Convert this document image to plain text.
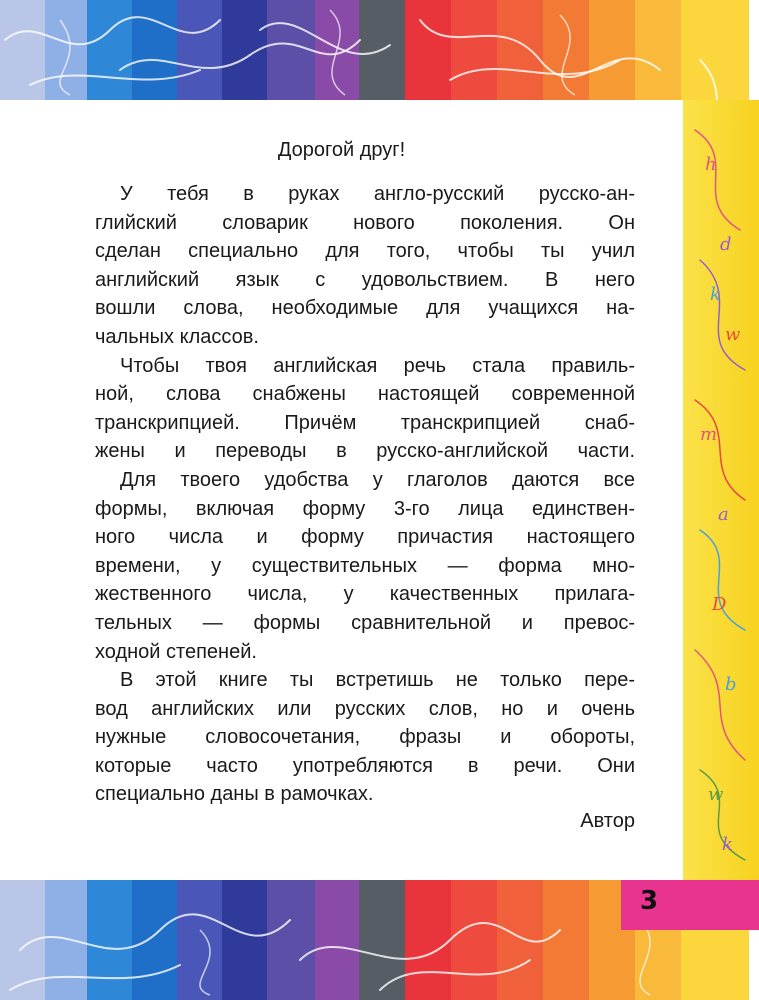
h
d
k
w
m
a
D
b
w
k
Дорогой друг!
У тебя в руках англо-русский русско-ан-
глийский словарик нового поколения. Он
сделан специально для того, чтобы ты учил
английский язык с удовольствием. В него
вошли слова, необходимые для учащихся на-
чальных классов.
Чтобы твоя английская речь стала правиль-
ной, слова снабжены настоящей современной
транскрипцией. Причём транскрипцией снаб-
жены и переводы в русско-английской части.
Для твоего удобства у глаголов даются все
формы, включая форму 3-го лица единствен-
ного числа и форму причастия настоящего
времени, у существительных — форма мно-
жественного числа, у качественных прилага-
тельных — формы сравнительной и превос-
ходной степеней.
В этой книге ты встретишь не только пере-
вод английских или русских слов, но и очень
нужные словосочетания, фразы и обороты,
которые часто употребляются в речи. Они
специально даны в рамочках.
Автор
3
